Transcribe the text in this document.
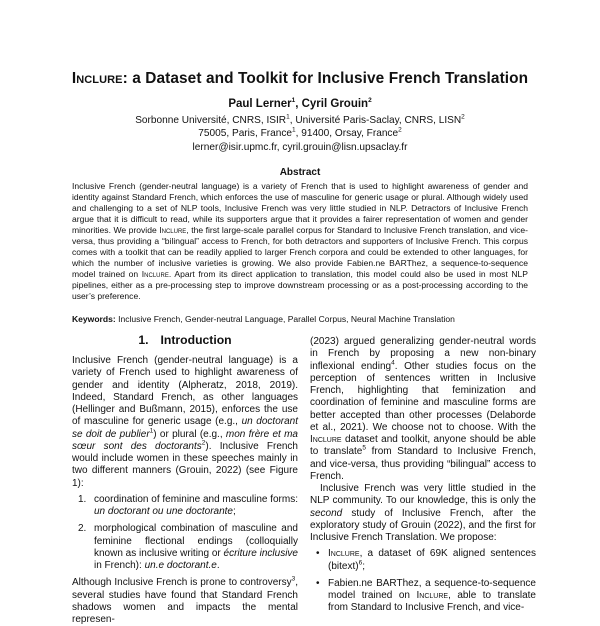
Inclure: a Dataset and Toolkit for Inclusive French Translation
Paul Lerner$^1$, Cyril Grouin$^2$
Sorbonne Université, CNRS, ISIR$^1$, Université Paris-Saclay, CNRS, LISN$^2$
75005, Paris, France$^1$, 91400, Orsay, France$^2$
lerner@isir.upmc.fr, cyril.grouin@lisn.upsaclay.fr
Abstract
Inclusive French (gender-neutral language) is a variety of French that is used to highlight awareness of gender and identity against Standard French, which enforces the use of masculine for generic usage or plural. Although widely used and challenging to a set of NLP tools, Inclusive French was very little studied in NLP. Detractors of Inclusive French argue that it is difficult to read, while its supporters argue that it provides a fairer representation of women and gender minorities. We provide Inclure, the first large-scale parallel corpus for Standard to Inclusive French translation, and vice-versa, thus providing a “bilingual” access to French, for both detractors and supporters of Inclusive French. This corpus comes with a toolkit that can be readily applied to larger French corpora and could be extended to other languages, for which the number of inclusive varieties is growing. We also provide Fabien.ne BARThez, a sequence-to-sequence model trained on Inclure. Apart from its direct application to translation, this model could also be used in most NLP pipelines, either as a pre-processing step to improve downstream processing or as a post-processing according to the user’s preference.
Keywords: Inclusive French, Gender-neutral Language, Parallel Corpus, Neural Machine Translation
1. Introduction

Inclusive French (gender-neutral language) is a variety of French used to highlight awareness of gender and identity (Alpheratz, 2018, 2019). Indeed, Standard French, as other languages (Hellinger and Bußmann, 2015), enforces the use of masculine for generic usage (e.g., un doctorant se doit de publier$^1$) or plural (e.g., mon frère et ma sœur sont des doctorants$^2$). Inclusive French would include women in these speeches mainly in two different manners (Grouin, 2022) (see Figure 1):

1. coordination of feminine and masculine forms: un doctorant ou une doctorante;
2. morphological combination of masculine and feminine flectional endings (colloquially known as inclusive writing or écriture inclusive in French): un.e doctorant.e.

Although Inclusive French is prone to controversy$^3$, several studies have found that Standard French shadows women and impacts the mental represen-

(2023) argued generalizing gender-neutral words in French by proposing a new non-binary inflexional ending$^4$. Other studies focus on the perception of sentences written in Inclusive French, highlighting that feminization and coordination of feminine and masculine forms are better accepted than other processes (Delaborde et al., 2021). We choose not to choose. With the Inclure dataset and toolkit, anyone should be able to translate$^5$ from Standard to Inclusive French, and vice-versa, thus providing “bilingual” access to French.

Inclusive French was very little studied in the NLP community. To our knowledge, this is only the second study of Inclusive French, after the exploratory study of Grouin (2022), and the first for Inclusive French Translation. We propose:

• Inclure, a dataset of 69K aligned sentences (bitext)$^6$;
• Fabien.ne BARThez, a sequence-to-sequence model trained on Inclure, able to translate from Standard to Inclusive French, and vice-
